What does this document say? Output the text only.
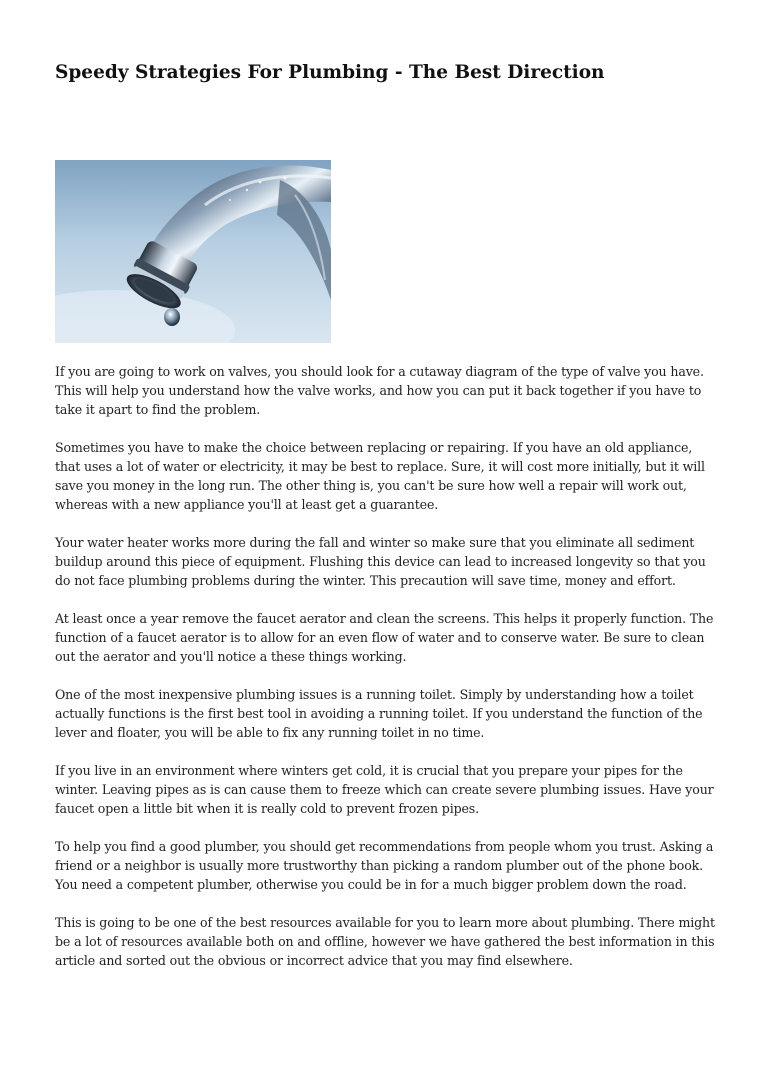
Speedy Strategies For Plumbing - The Best Direction

If you are going to work on valves, you should look for a cutaway diagram of the type of valve you have. This will help you understand how the valve works, and how you can put it back together if you have to take it apart to find the problem.

Sometimes you have to make the choice between replacing or repairing. If you have an old appliance, that uses a lot of water or electricity, it may be best to replace. Sure, it will cost more initially, but it will save you money in the long run. The other thing is, you can't be sure how well a repair will work out, whereas with a new appliance you'll at least get a guarantee.

Your water heater works more during the fall and winter so make sure that you eliminate all sediment buildup around this piece of equipment. Flushing this device can lead to increased longevity so that you do not face plumbing problems during the winter. This precaution will save time, money and effort.

At least once a year remove the faucet aerator and clean the screens. This helps it properly function. The function of a faucet aerator is to allow for an even flow of water and to conserve water. Be sure to clean out the aerator and you'll notice a these things working.

One of the most inexpensive plumbing issues is a running toilet. Simply by understanding how a toilet actually functions is the first best tool in avoiding a running toilet. If you understand the function of the lever and floater, you will be able to fix any running toilet in no time.

If you live in an environment where winters get cold, it is crucial that you prepare your pipes for the winter. Leaving pipes as is can cause them to freeze which can create severe plumbing issues. Have your faucet open a little bit when it is really cold to prevent frozen pipes.

To help you find a good plumber, you should get recommendations from people whom you trust. Asking a friend or a neighbor is usually more trustworthy than picking a random plumber out of the phone book. You need a competent plumber, otherwise you could be in for a much bigger problem down the road.

This is going to be one of the best resources available for you to learn more about plumbing. There might be a lot of resources available both on and offline, however we have gathered the best information in this article and sorted out the obvious or incorrect advice that you may find elsewhere.
